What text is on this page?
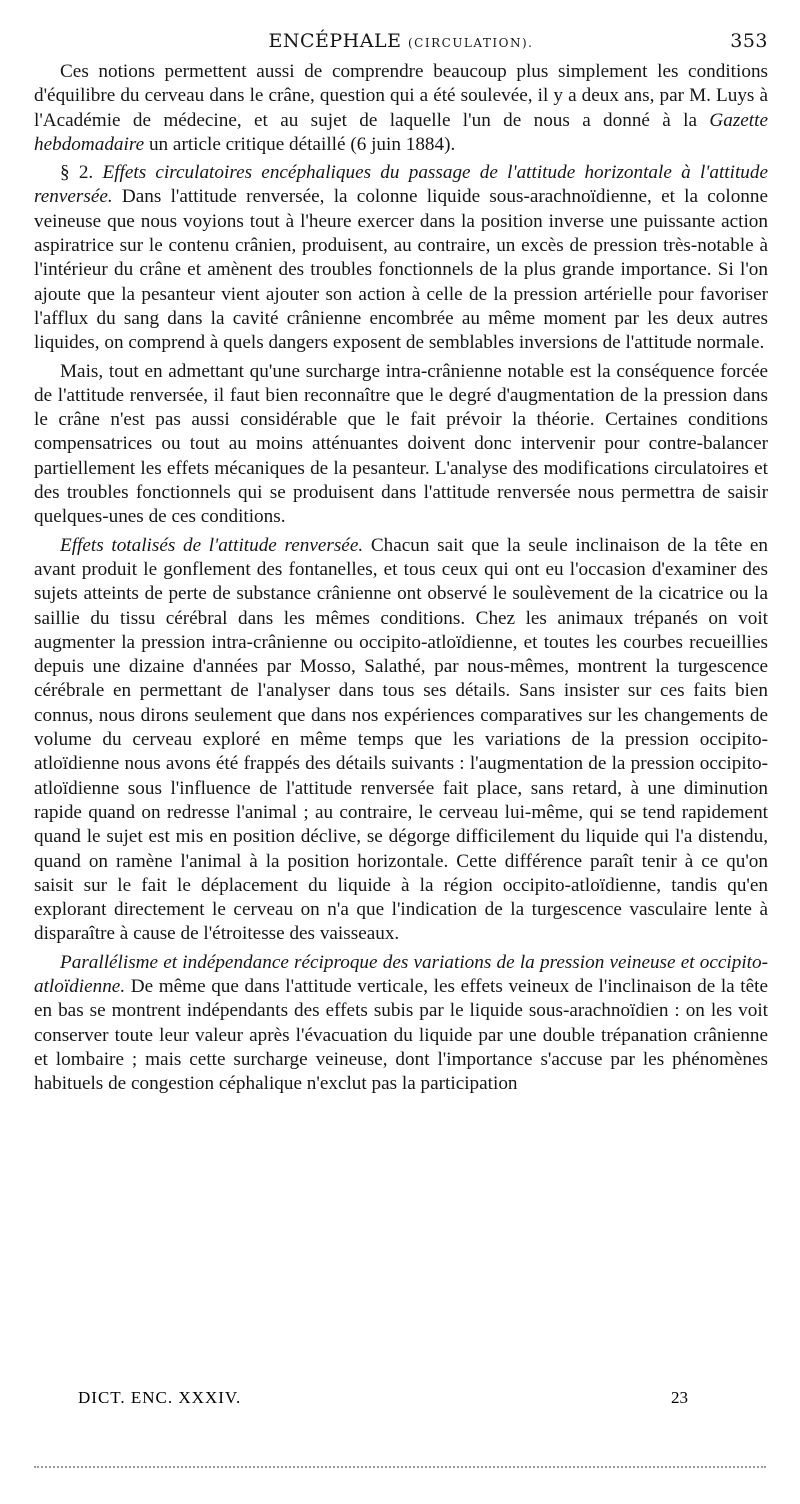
ENCÉPHALE (CIRCULATION).	353

Ces notions permettent aussi de comprendre beaucoup plus simplement les conditions d'équilibre du cerveau dans le crâne, question qui a été soulevée, il y a deux ans, par M. Luys à l'Académie de médecine, et au sujet de laquelle l'un de nous a donné à la Gazette hebdomadaire un article critique détaillé (6 juin 1884).

§ 2. Effets circulatoires encéphaliques du passage de l'attitude horizontale à l'attitude renversée. Dans l'attitude renversée, la colonne liquide sous-arachnoïdienne, et la colonne veineuse que nous voyions tout à l'heure exercer dans la position inverse une puissante action aspiratrice sur le contenu crânien, produisent, au contraire, un excès de pression très-notable à l'intérieur du crâne et amènent des troubles fonctionnels de la plus grande importance. Si l'on ajoute que la pesanteur vient ajouter son action à celle de la pression artérielle pour favoriser l'afflux du sang dans la cavité crânienne encombrée au même moment par les deux autres liquides, on comprend à quels dangers exposent de semblables inversions de l'attitude normale.

Mais, tout en admettant qu'une surcharge intra-crânienne notable est la conséquence forcée de l'attitude renversée, il faut bien reconnaître que le degré d'augmentation de la pression dans le crâne n'est pas aussi considérable que le fait prévoir la théorie. Certaines conditions compensatrices ou tout au moins atténuantes doivent donc intervenir pour contre-balancer partiellement les effets mécaniques de la pesanteur. L'analyse des modifications circulatoires et des troubles fonctionnels qui se produisent dans l'attitude renversée nous permettra de saisir quelques-unes de ces conditions.

Effets totalisés de l'attitude renversée. Chacun sait que la seule inclinaison de la tête en avant produit le gonflement des fontanelles, et tous ceux qui ont eu l'occasion d'examiner des sujets atteints de perte de substance crânienne ont observé le soulèvement de la cicatrice ou la saillie du tissu cérébral dans les mêmes conditions. Chez les animaux trépanés on voit augmenter la pression intra-crânienne ou occipito-atloïdienne, et toutes les courbes recueillies depuis une dizaine d'années par Mosso, Salathé, par nous-mêmes, montrent la turgescence cérébrale en permettant de l'analyser dans tous ses détails. Sans insister sur ces faits bien connus, nous dirons seulement que dans nos expériences comparatives sur les changements de volume du cerveau exploré en même temps que les variations de la pression occipito-atloïdienne nous avons été frappés des détails suivants : l'augmentation de la pression occipito-atloïdienne sous l'influence de l'attitude renversée fait place, sans retard, à une diminution rapide quand on redresse l'animal ; au contraire, le cerveau lui-même, qui se tend rapidement quand le sujet est mis en position déclive, se dégorge difficilement du liquide qui l'a distendu, quand on ramène l'animal à la position horizontale. Cette différence paraît tenir à ce qu'on saisit sur le fait le déplacement du liquide à la région occipito-atloïdienne, tandis qu'en explorant directement le cerveau on n'a que l'indication de la turgescence vasculaire lente à disparaître à cause de l'étroitesse des vaisseaux.

Parallélisme et indépendance réciproque des variations de la pression veineuse et occipito-atloïdienne. De même que dans l'attitude verticale, les effets veineux de l'inclinaison de la tête en bas se montrent indépendants des effets subis par le liquide sous-arachnoïdien : on les voit conserver toute leur valeur après l'évacuation du liquide par une double trépanation crânienne et lombaire ; mais cette surcharge veineuse, dont l'importance s'accuse par les phénomènes habituels de congestion céphalique n'exclut pas la participation

DICT. ENC. XXXIV.	23
